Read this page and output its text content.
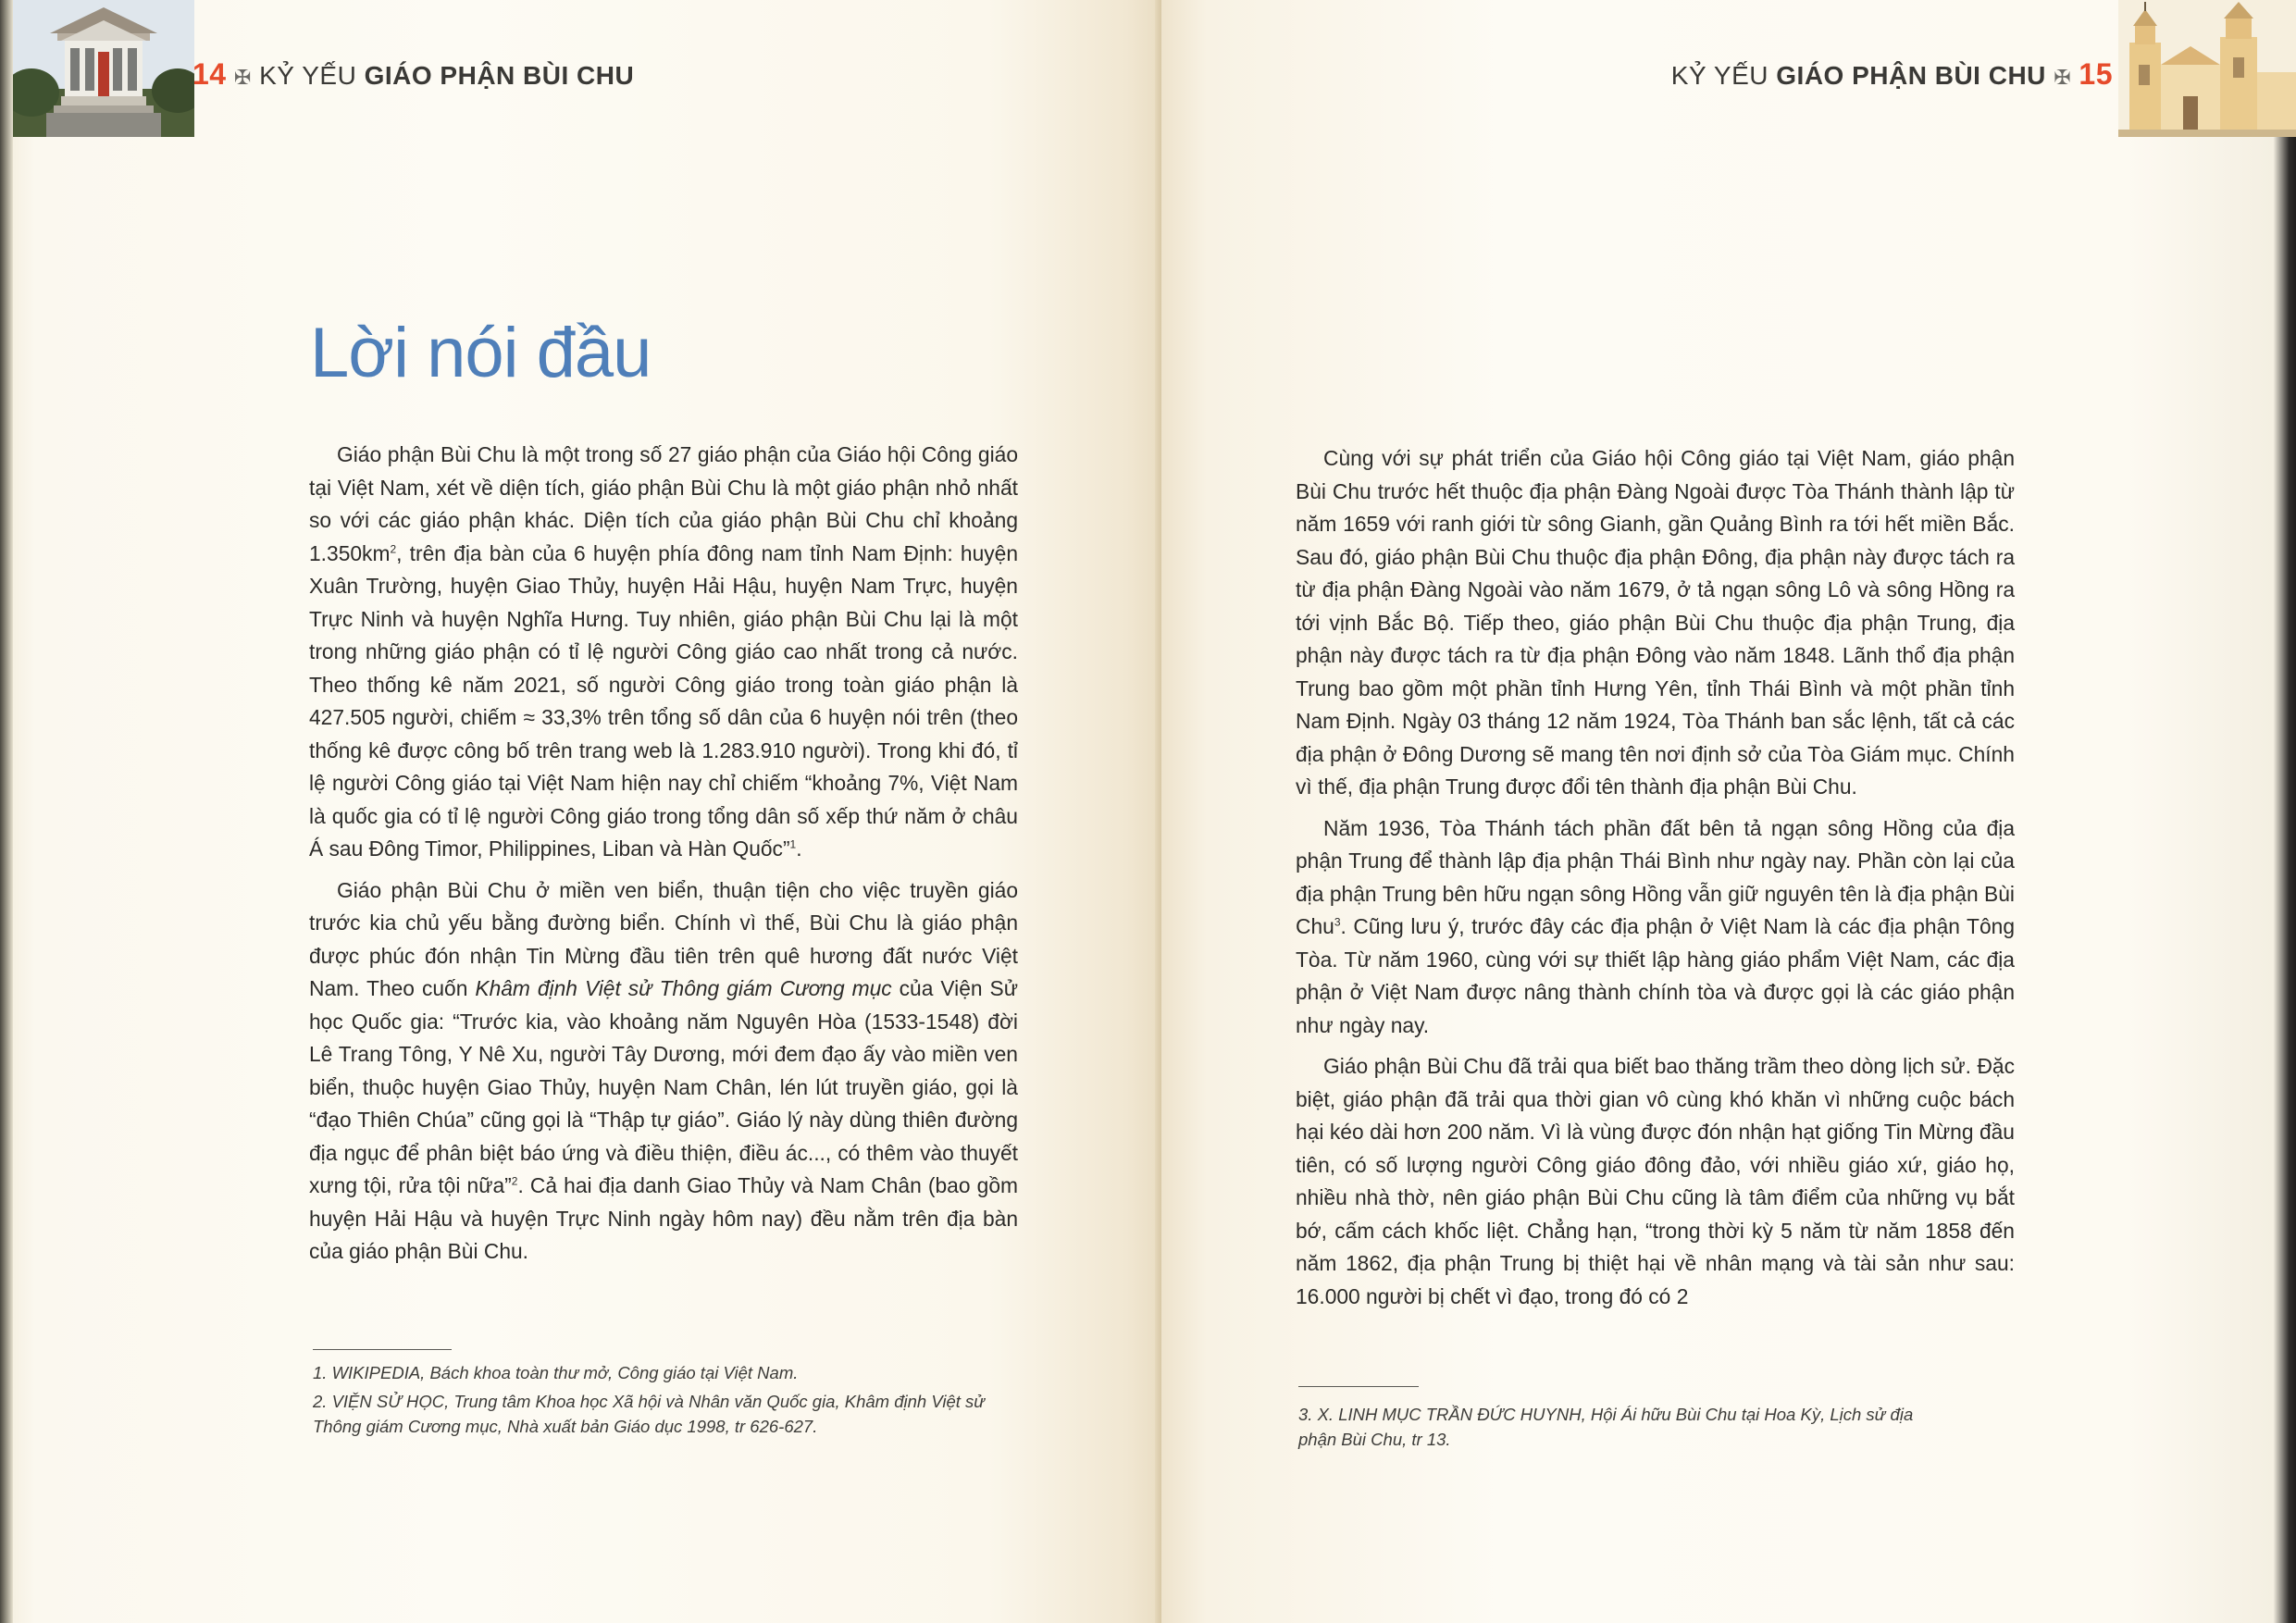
14 ✠ KỶ YẾU GIÁO PHẬN BÙI CHU
Lời nói đầu

Giáo phận Bùi Chu là một trong số 27 giáo phận của Giáo hội Công giáo tại Việt Nam, xét về diện tích, giáo phận Bùi Chu là một giáo phận nhỏ nhất so với các giáo phận khác. Diện tích của giáo phận Bùi Chu chỉ khoảng $1.350km^2$, trên địa bàn của 6 huyện phía đông nam tỉnh Nam Định: huyện Xuân Trường, huyện Giao Thủy, huyện Hải Hậu, huyện Nam Trực, huyện Trực Ninh và huyện Nghĩa Hưng. Tuy nhiên, giáo phận Bùi Chu lại là một trong những giáo phận có tỉ lệ người Công giáo cao nhất trong cả nước. Theo thống kê năm 2021, số người Công giáo trong toàn giáo phận là 427.505 người, chiếm ≈ 33,3% trên tổng số dân của 6 huyện nói trên (theo thống kê được công bố trên trang web là 1.283.910 người). Trong khi đó, tỉ lệ người Công giáo tại Việt Nam hiện nay chỉ chiếm “khoảng 7%, Việt Nam là quốc gia có tỉ lệ người Công giáo trong tổng dân số xếp thứ năm ở châu Á sau Đông Timor, Philippines, Liban và Hàn Quốc”$^1$.

Giáo phận Bùi Chu ở miền ven biển, thuận tiện cho việc truyền giáo trước kia chủ yếu bằng đường biển. Chính vì thế, Bùi Chu là giáo phận được phúc đón nhận Tin Mừng đầu tiên trên quê hương đất nước Việt Nam. Theo cuốn Khâm định Việt sử Thông giám Cương mục của Viện Sử học Quốc gia: “Trước kia, vào khoảng năm Nguyên Hòa (1533-1548) đời Lê Trang Tông, Y Nê Xu, người Tây Dương, mới đem đạo ấy vào miền ven biển, thuộc huyện Giao Thủy, huyện Nam Chân, lén lút truyền giáo, gọi là “đạo Thiên Chúa” cũng gọi là “Thập tự giáo”. Giáo lý này dùng thiên đường địa ngục để phân biệt báo ứng và điều thiện, điều ác..., có thêm vào thuyết xưng tội, rửa tội nữa”$^2$. Cả hai địa danh Giao Thủy và Nam Chân (bao gồm huyện Hải Hậu và huyện Trực Ninh ngày hôm nay) đều nằm trên địa bàn của giáo phận Bùi Chu.

1. WIKIPEDIA, Bách khoa toàn thư mở, Công giáo tại Việt Nam.
2. VIỆN SỬ HỌC, Trung tâm Khoa học Xã hội và Nhân văn Quốc gia, Khâm định Việt sử Thông giám Cương mục, Nhà xuất bản Giáo dục 1998, tr 626-627.
KỶ YẾU GIÁO PHẬN BÙI CHU ✠ 15

Cùng với sự phát triển của Giáo hội Công giáo tại Việt Nam, giáo phận Bùi Chu trước hết thuộc địa phận Đàng Ngoài được Tòa Thánh thành lập từ năm 1659 với ranh giới từ sông Gianh, gần Quảng Bình ra tới hết miền Bắc. Sau đó, giáo phận Bùi Chu thuộc địa phận Đông, địa phận này được tách ra từ địa phận Đàng Ngoài vào năm 1679, ở tả ngạn sông Lô và sông Hồng ra tới vịnh Bắc Bộ. Tiếp theo, giáo phận Bùi Chu thuộc địa phận Trung, địa phận này được tách ra từ địa phận Đông vào năm 1848. Lãnh thổ địa phận Trung bao gồm một phần tỉnh Hưng Yên, tỉnh Thái Bình và một phần tỉnh Nam Định. Ngày 03 tháng 12 năm 1924, Tòa Thánh ban sắc lệnh, tất cả các địa phận ở Đông Dương sẽ mang tên nơi định sở của Tòa Giám mục. Chính vì thế, địa phận Trung được đổi tên thành địa phận Bùi Chu.

Năm 1936, Tòa Thánh tách phần đất bên tả ngạn sông Hồng của địa phận Trung để thành lập địa phận Thái Bình như ngày nay. Phần còn lại của địa phận Trung bên hữu ngạn sông Hồng vẫn giữ nguyên tên là địa phận Bùi Chu$^3$. Cũng lưu ý, trước đây các địa phận ở Việt Nam là các địa phận Tông Tòa. Từ năm 1960, cùng với sự thiết lập hàng giáo phẩm Việt Nam, các địa phận ở Việt Nam được nâng thành chính tòa và được gọi là các giáo phận như ngày nay.

Giáo phận Bùi Chu đã trải qua biết bao thăng trầm theo dòng lịch sử. Đặc biệt, giáo phận đã trải qua thời gian vô cùng khó khăn vì những cuộc bách hại kéo dài hơn 200 năm. Vì là vùng được đón nhận hạt giống Tin Mừng đầu tiên, có số lượng người Công giáo đông đảo, với nhiều giáo xứ, giáo họ, nhiều nhà thờ, nên giáo phận Bùi Chu cũng là tâm điểm của những vụ bắt bớ, cấm cách khốc liệt. Chẳng hạn, “trong thời kỳ 5 năm từ năm 1858 đến năm 1862, địa phận Trung bị thiệt hại về nhân mạng và tài sản như sau: 16.000 người bị chết vì đạo, trong đó có 2

3. X. LINH MỤC TRẦN ĐỨC HUYNH, Hội Ái hữu Bùi Chu tại Hoa Kỳ, Lịch sử địa phận Bùi Chu, tr 13.
